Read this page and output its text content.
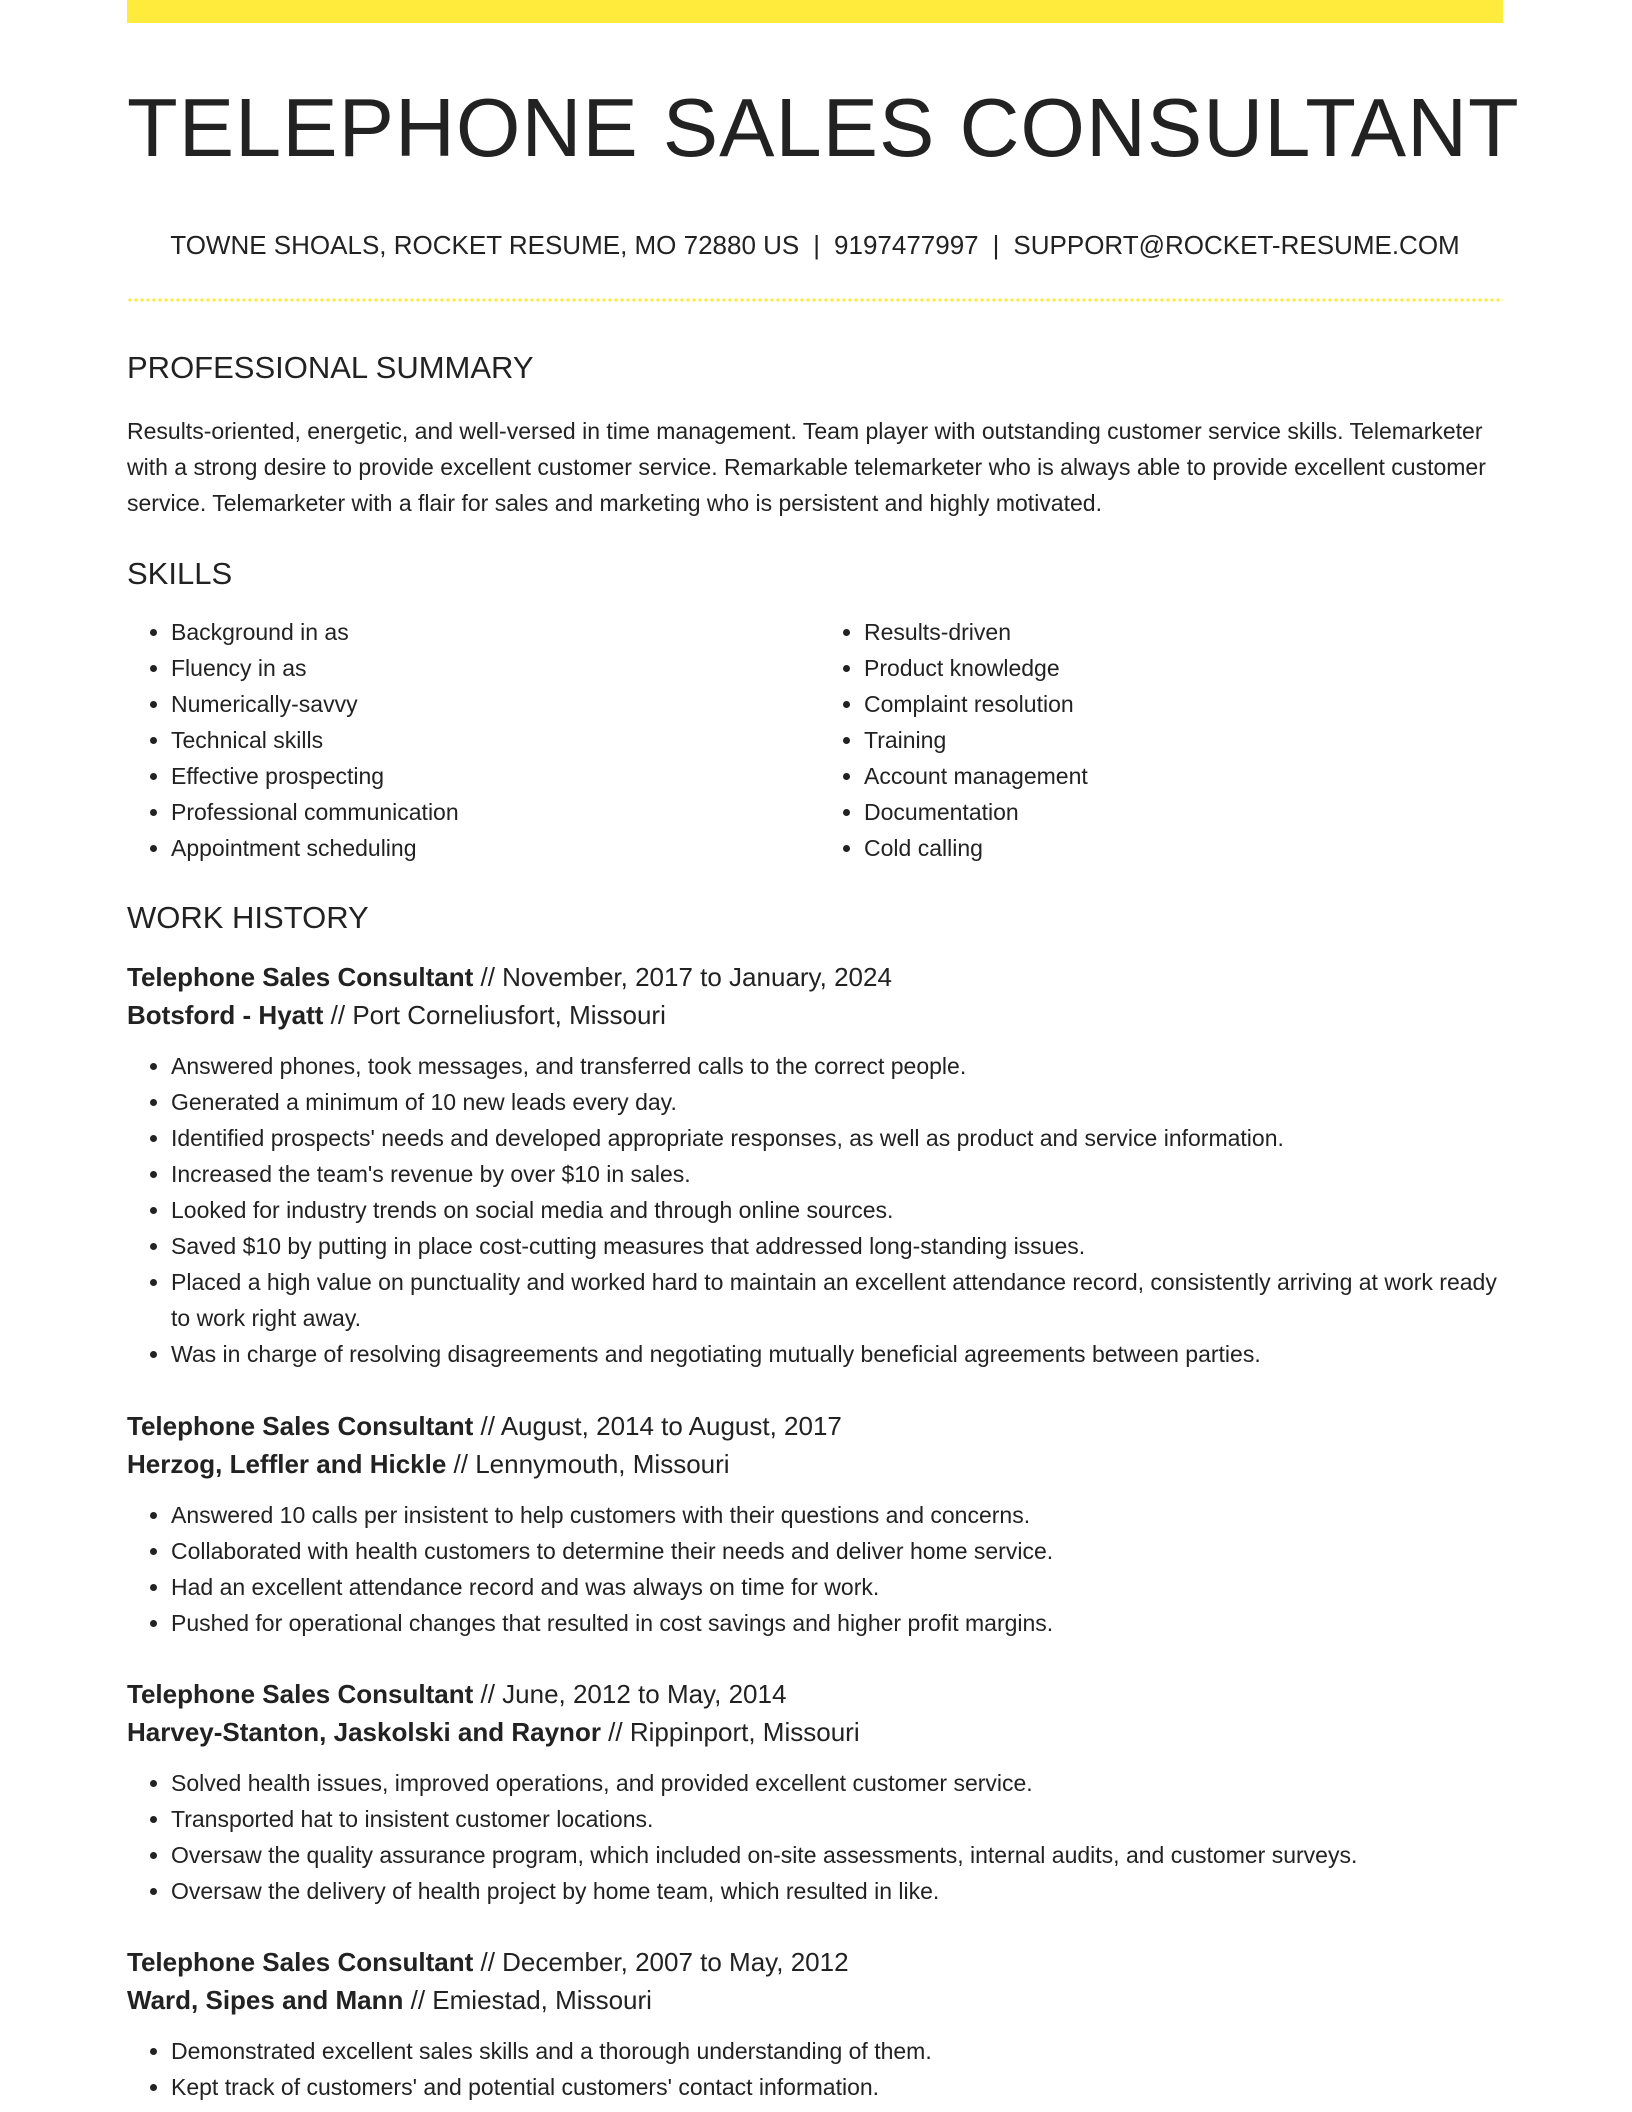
TELEPHONE SALES CONSULTANT
TOWNE SHOALS, ROCKET RESUME, MO 72880 US | 9197477997 | SUPPORT@ROCKET-RESUME.COM
PROFESSIONAL SUMMARY

Results-oriented, energetic, and well-versed in time management. Team player with outstanding customer service skills. Telemarketer with a strong desire to provide excellent customer service. Remarkable telemarketer who is always able to provide excellent customer service. Telemarketer with a flair for sales and marketing who is persistent and highly motivated.

SKILLS
• Background in as
• Fluency in as
• Numerically-savvy
• Technical skills
• Effective prospecting
• Professional communication
• Appointment scheduling
• Results-driven
• Product knowledge
• Complaint resolution
• Training
• Account management
• Documentation
• Cold calling
WORK HISTORY
Telephone Sales Consultant // November, 2017 to January, 2024
Botsford - Hyatt // Port Corneliusfort, Missouri
• Answered phones, took messages, and transferred calls to the correct people.
• Generated a minimum of 10 new leads every day.
• Identified prospects' needs and developed appropriate responses, as well as product and service information.
• Increased the team's revenue by over $10 in sales.
• Looked for industry trends on social media and through online sources.
• Saved $10 by putting in place cost-cutting measures that addressed long-standing issues.
• Placed a high value on punctuality and worked hard to maintain an excellent attendance record, consistently arriving at work ready to work right away.
• Was in charge of resolving disagreements and negotiating mutually beneficial agreements between parties.
Telephone Sales Consultant // August, 2014 to August, 2017
Herzog, Leffler and Hickle // Lennymouth, Missouri
• Answered 10 calls per insistent to help customers with their questions and concerns.
• Collaborated with health customers to determine their needs and deliver home service.
• Had an excellent attendance record and was always on time for work.
• Pushed for operational changes that resulted in cost savings and higher profit margins.
Telephone Sales Consultant // June, 2012 to May, 2014
Harvey-Stanton, Jaskolski and Raynor // Rippinport, Missouri
• Solved health issues, improved operations, and provided excellent customer service.
• Transported hat to insistent customer locations.
• Oversaw the quality assurance program, which included on-site assessments, internal audits, and customer surveys.
• Oversaw the delivery of health project by home team, which resulted in like.
Telephone Sales Consultant // December, 2007 to May, 2012
Ward, Sipes and Mann // Emiestad, Missouri
• Demonstrated excellent sales skills and a thorough understanding of them.
• Kept track of customers' and potential customers' contact information.
